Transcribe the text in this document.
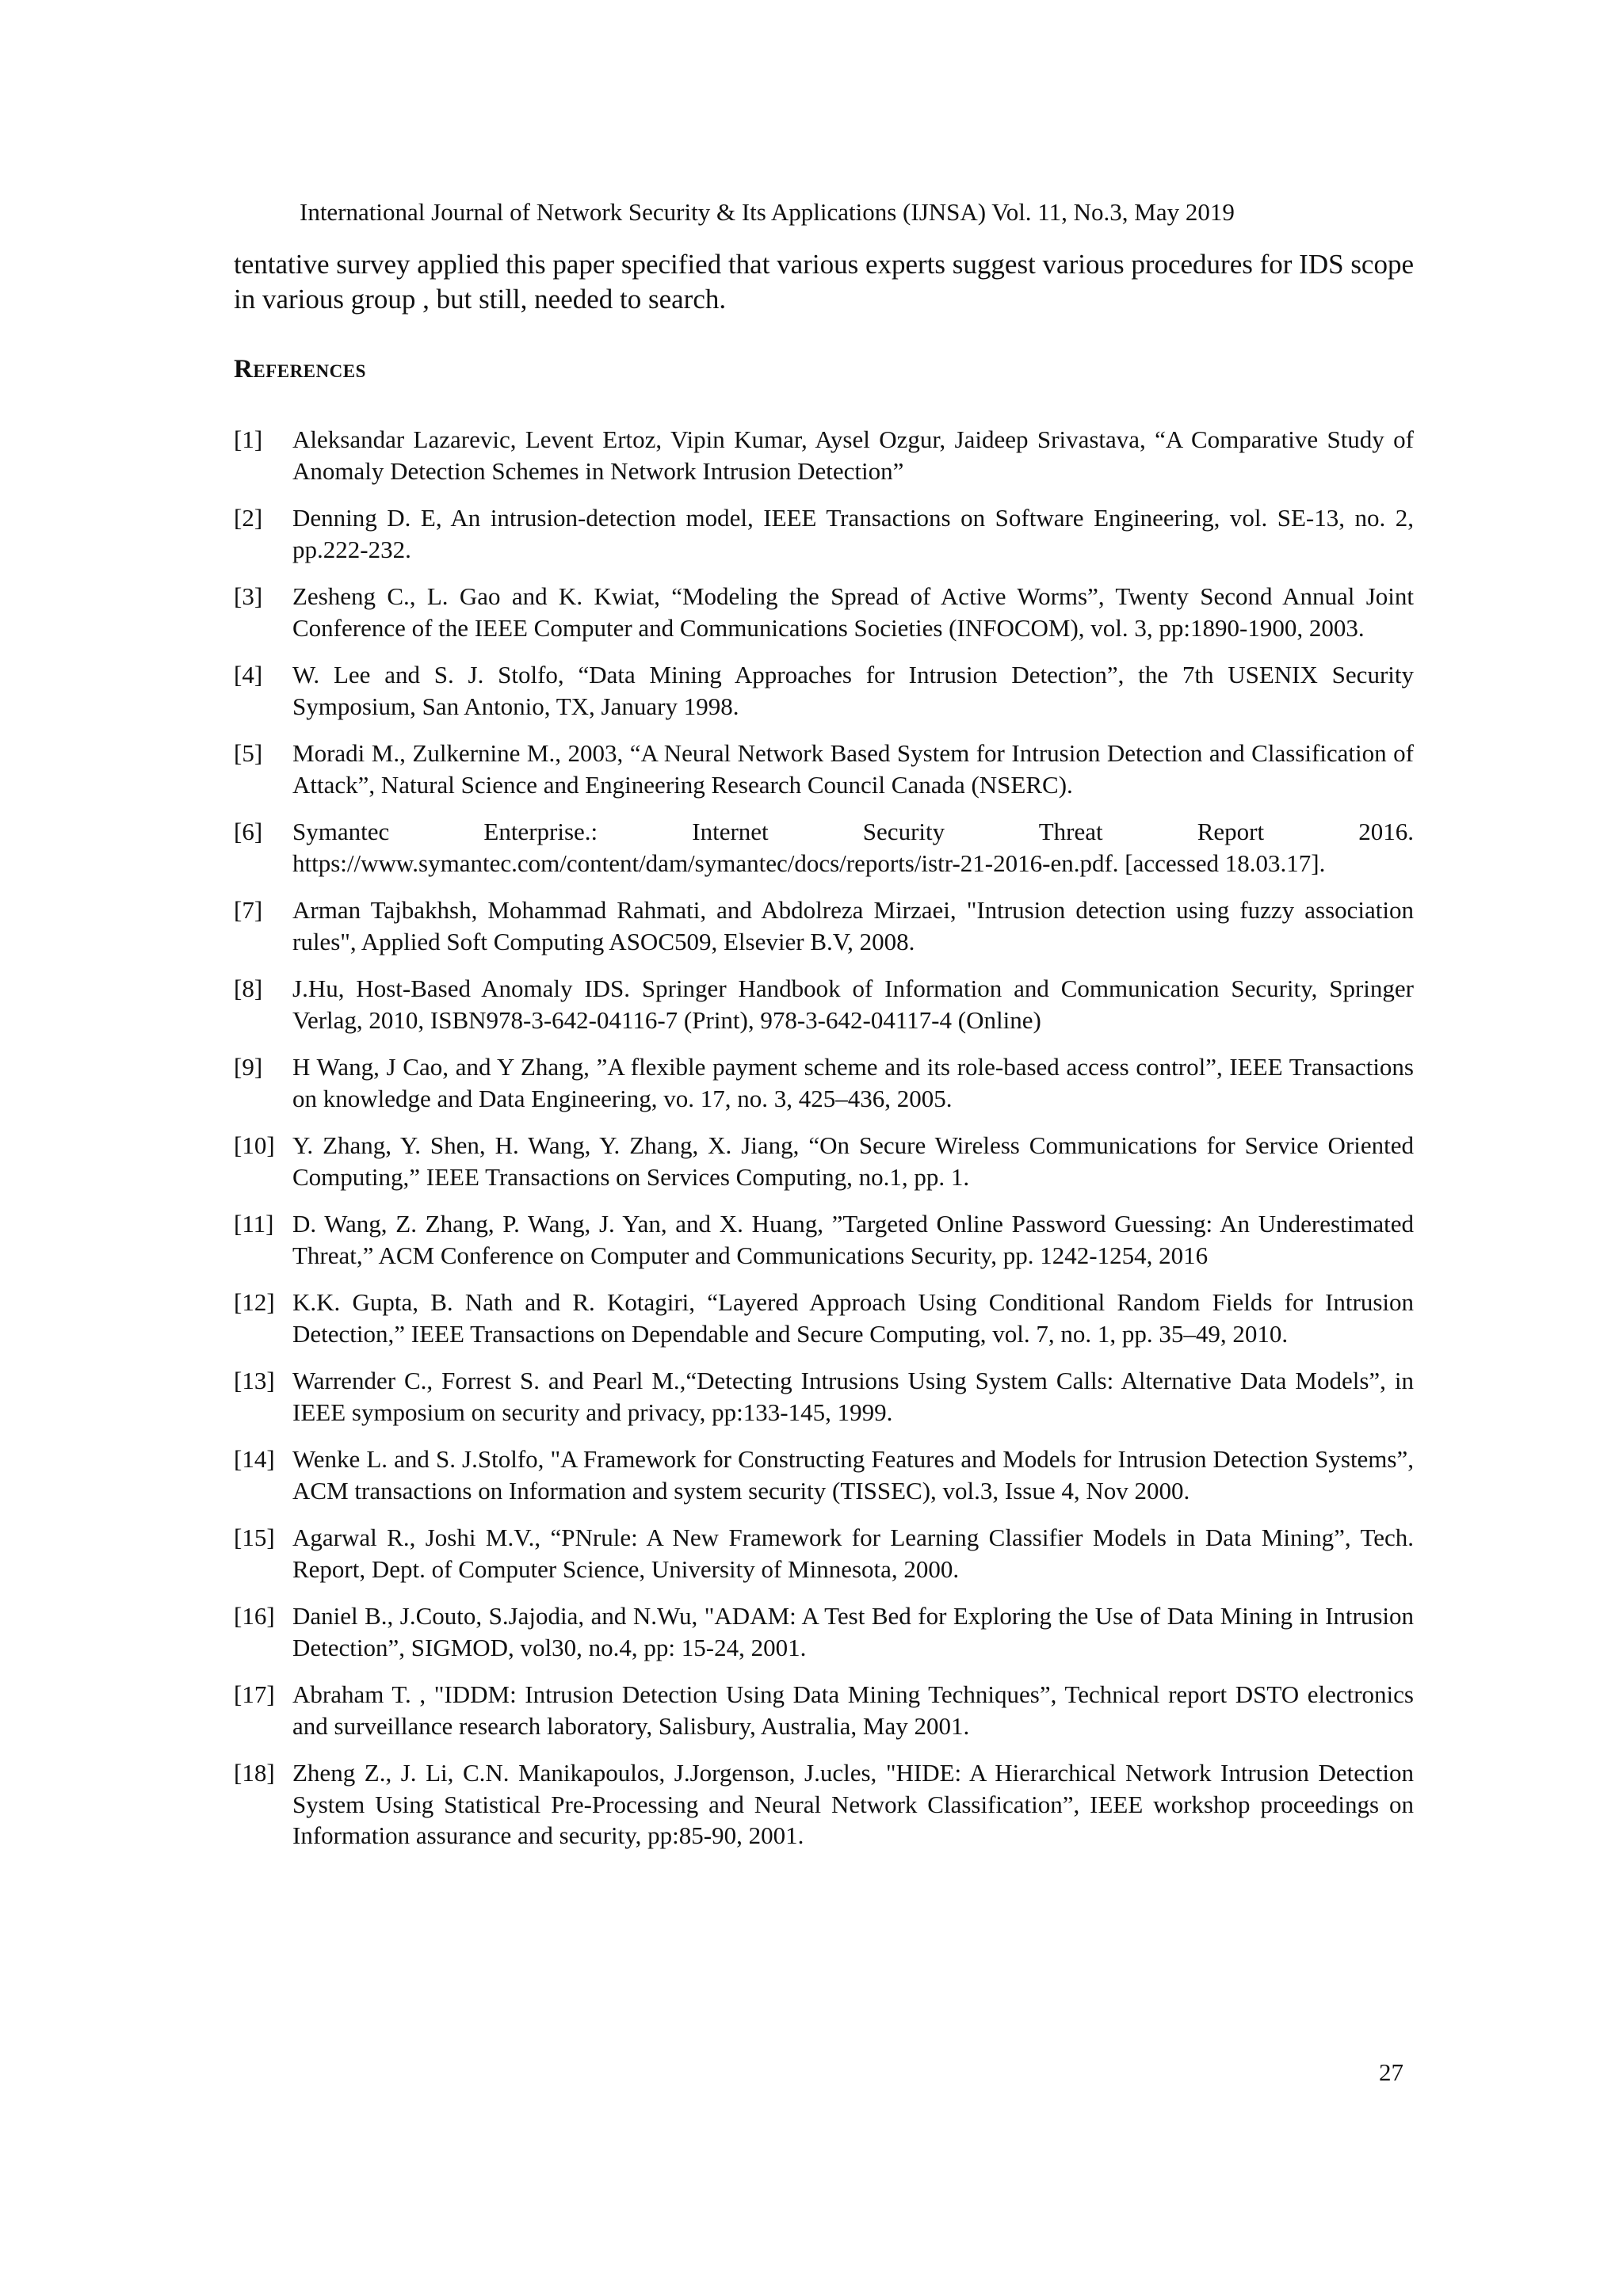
International Journal of Network Security & Its Applications (IJNSA) Vol. 11, No.3, May 2019
tentative survey applied this paper specified that various experts suggest various procedures for IDS scope in various group , but still, needed to search.
References
[1]	Aleksandar Lazarevic, Levent Ertoz, Vipin Kumar, Aysel Ozgur, Jaideep Srivastava, “A Comparative Study of Anomaly Detection Schemes in Network Intrusion Detection”
[2]	Denning D. E, An intrusion-detection model, IEEE Transactions on Software Engineering, vol. SE-13, no. 2, pp.222-232.
[3]	Zesheng C., L. Gao and K. Kwiat, “Modeling the Spread of Active Worms”, Twenty Second Annual Joint Conference of the IEEE Computer and Communications Societies (INFOCOM), vol. 3, pp:1890-1900, 2003.
[4]	W. Lee and S. J. Stolfo, “Data Mining Approaches for Intrusion Detection”, the 7th USENIX Security Symposium, San Antonio, TX, January 1998.
[5]	Moradi M., Zulkernine M., 2003, “A Neural Network Based System for Intrusion Detection and Classification of Attack”, Natural Science and Engineering Research Council Canada (NSERC).
[6]	Symantec Enterprise.: Internet Security Threat Report 2016. https://www.symantec.com/content/dam/symantec/docs/reports/istr-21-2016-en.pdf. [accessed 18.03.17].
[7]	Arman Tajbakhsh, Mohammad Rahmati, and Abdolreza Mirzaei, "Intrusion detection using fuzzy association rules", Applied Soft Computing ASOC509, Elsevier B.V, 2008.
[8]	J.Hu, Host-Based Anomaly IDS. Springer Handbook of Information and Communication Security, Springer Verlag, 2010, ISBN978-3-642-04116-7 (Print), 978-3-642-04117-4 (Online)
[9]	H Wang, J Cao, and Y Zhang, ”A flexible payment scheme and its role-based access control”, IEEE Transactions on knowledge and Data Engineering, vo. 17, no. 3, 425–436, 2005.
[10] Y. Zhang, Y. Shen, H. Wang, Y. Zhang, X. Jiang, “On Secure Wireless Communications for Service Oriented Computing,” IEEE Transactions on Services Computing, no.1, pp. 1.
[11] D. Wang, Z. Zhang, P. Wang, J. Yan, and X. Huang, ”Targeted Online Password Guessing: An Underestimated Threat,” ACM Conference on Computer and Communications Security, pp. 1242-1254, 2016
[12] K.K. Gupta, B. Nath and R. Kotagiri, “Layered Approach Using Conditional Random Fields for Intrusion Detection,” IEEE Transactions on Dependable and Secure Computing, vol. 7, no. 1, pp. 35–49, 2010.
[13] Warrender C., Forrest S. and Pearl M.,“Detecting Intrusions Using System Calls: Alternative Data Models”, in IEEE symposium on security and privacy, pp:133-145, 1999.
[14] Wenke L. and S. J.Stolfo, "A Framework for Constructing Features and Models for Intrusion Detection Systems”, ACM transactions on Information and system security (TISSEC), vol.3, Issue 4, Nov 2000.
[15] Agarwal R., Joshi M.V., “PNrule: A New Framework for Learning Classifier Models in Data Mining”, Tech. Report, Dept. of Computer Science, University of Minnesota, 2000.
[16] Daniel B., J.Couto, S.Jajodia, and N.Wu, "ADAM: A Test Bed for Exploring the Use of Data Mining in Intrusion Detection”, SIGMOD, vol30, no.4, pp: 15-24, 2001.
[17] Abraham T. , "IDDM: Intrusion Detection Using Data Mining Techniques”, Technical report DSTO electronics and surveillance research laboratory, Salisbury, Australia, May 2001.
[18] Zheng Z., J. Li, C.N. Manikapoulos, J.Jorgenson, J.ucles, "HIDE: A Hierarchical Network Intrusion Detection System Using Statistical Pre-Processing and Neural Network Classification”, IEEE workshop proceedings on Information assurance and security, pp:85-90, 2001.
27
